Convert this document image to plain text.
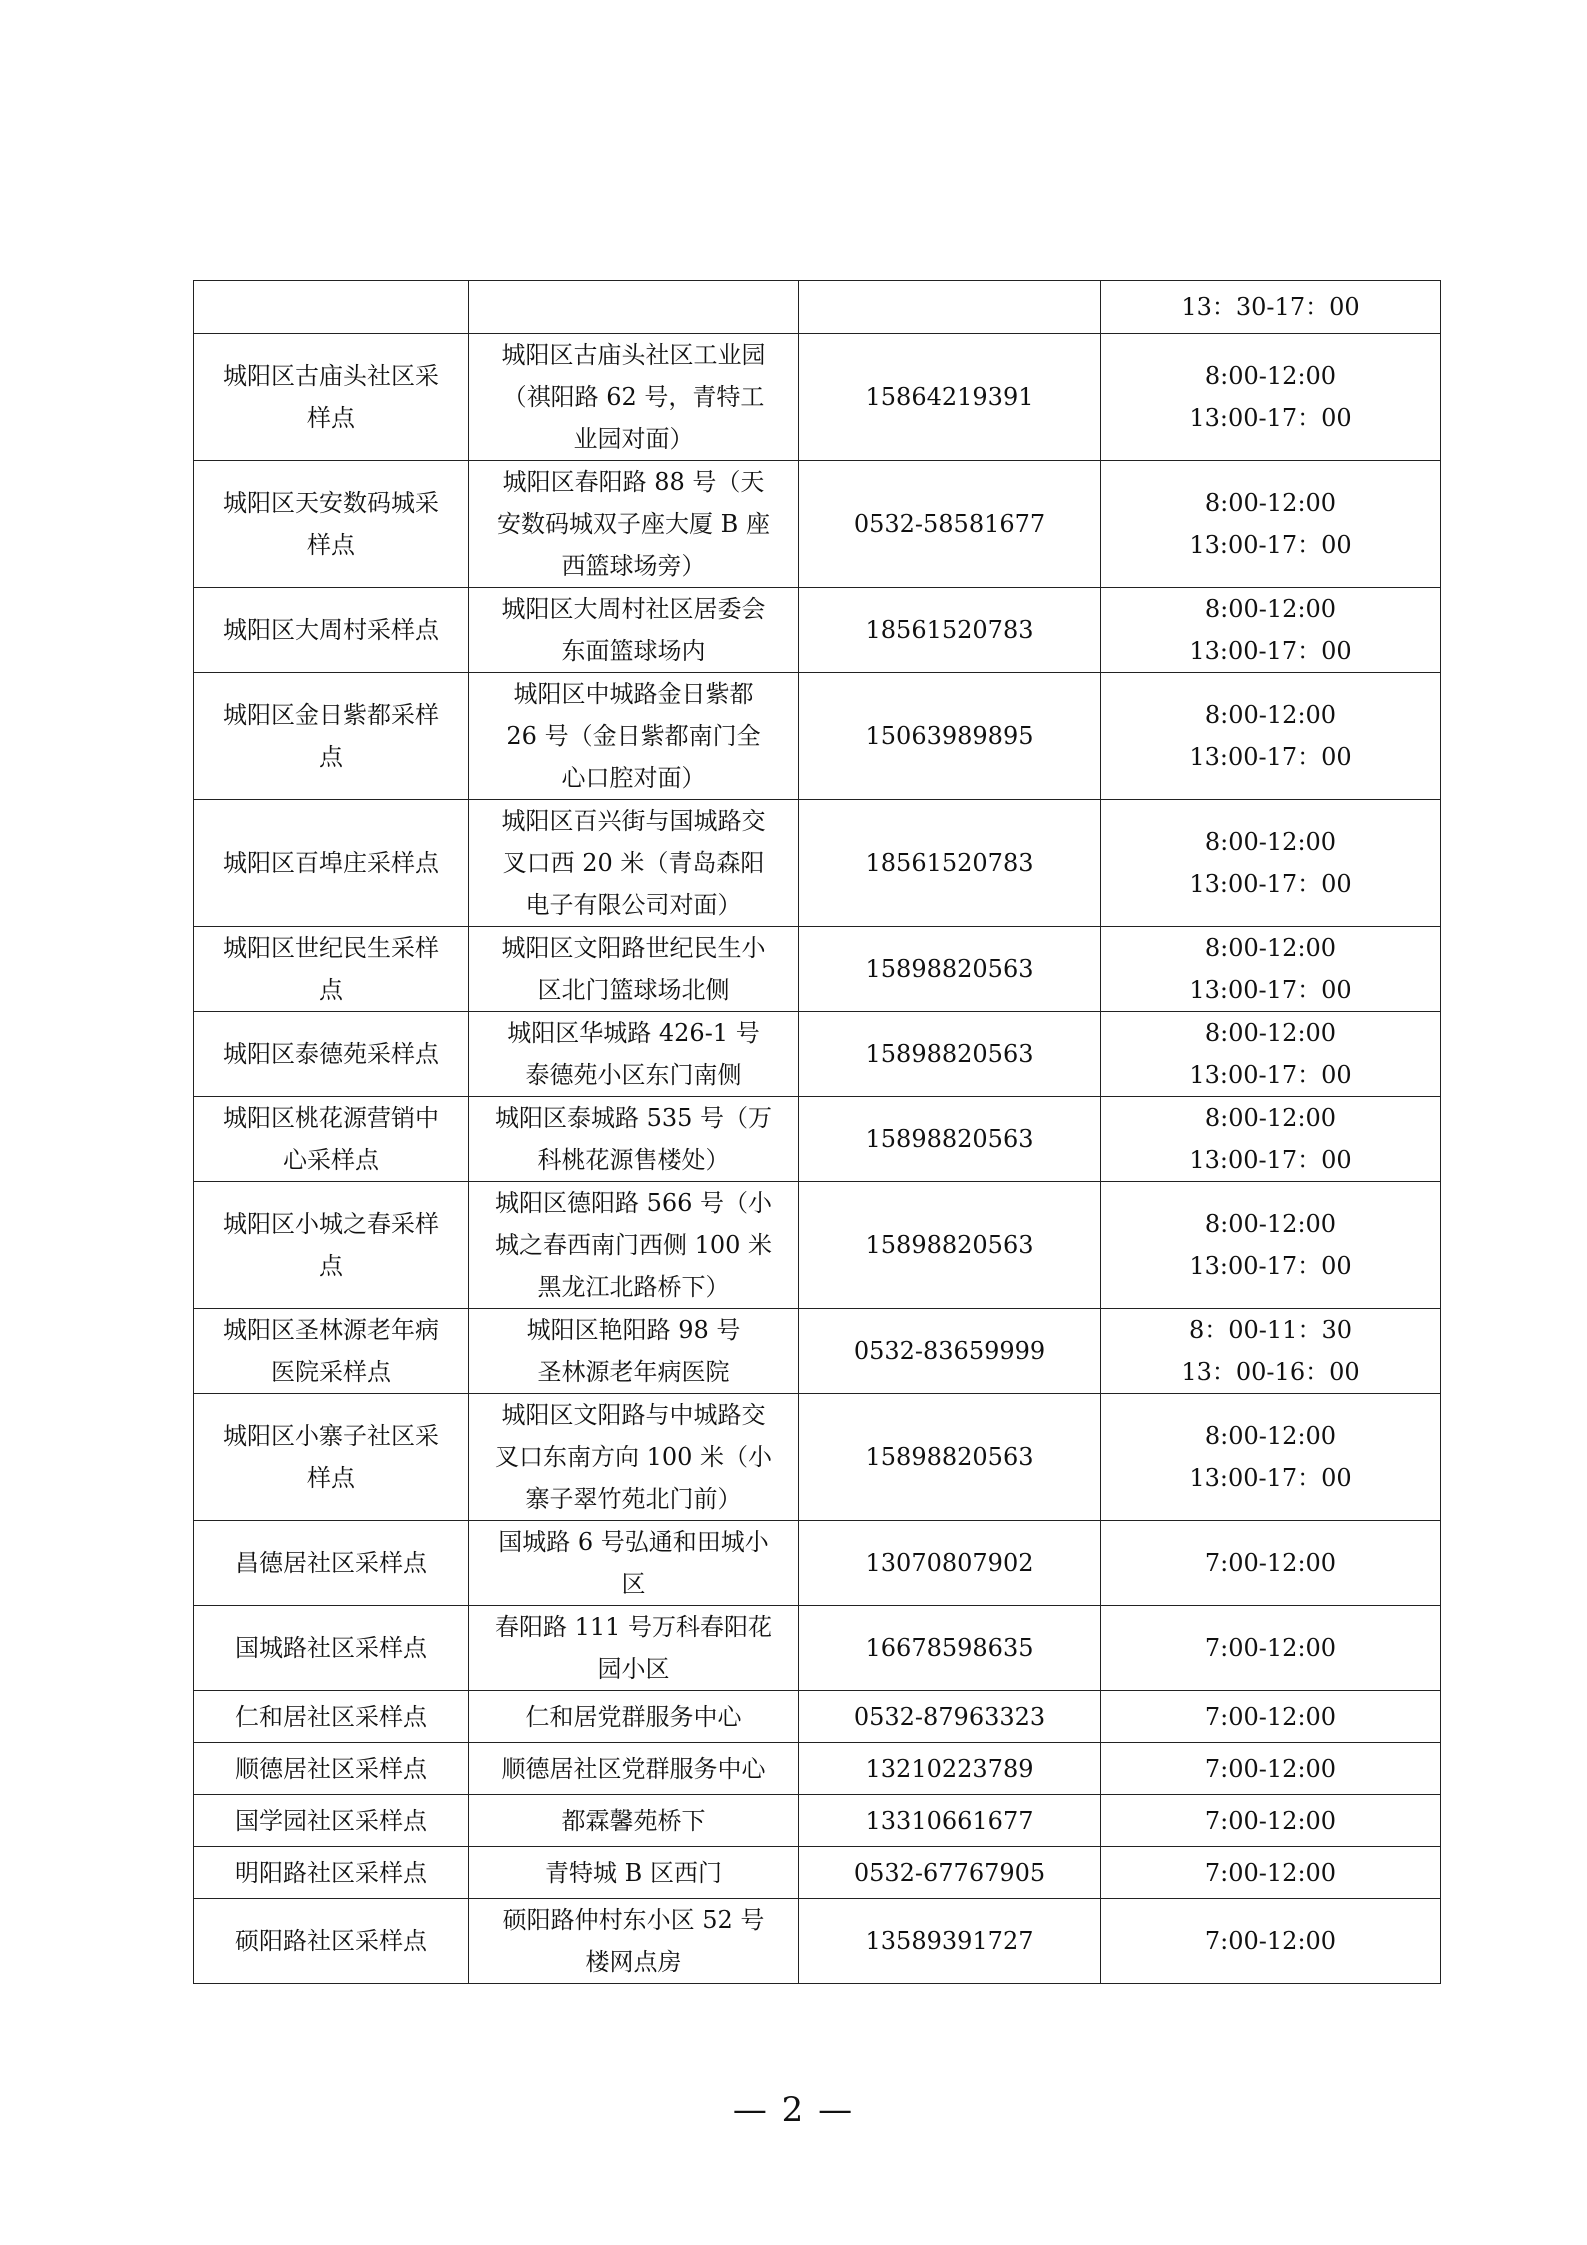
			13：30-17：00
城阳区古庙头社区采
样点	城阳区古庙头社区工业园
（祺阳路 62 号，青特工
业园对面）	15864219391	8:00-12:00
13:00-17：00
城阳区天安数码城采
样点	城阳区春阳路 88 号（天
安数码城双子座大厦 B 座
西篮球场旁）	0532-58581677	8:00-12:00
13:00-17：00
城阳区大周村采样点	城阳区大周村社区居委会
东面篮球场内	18561520783	8:00-12:00
13:00-17：00
城阳区金日紫都采样
点	城阳区中城路金日紫都
26 号（金日紫都南门全
心口腔对面）	15063989895	8:00-12:00
13:00-17：00
城阳区百埠庄采样点	城阳区百兴街与国城路交
叉口西 20 米（青岛森阳
电子有限公司对面）	18561520783	8:00-12:00
13:00-17：00
城阳区世纪民生采样
点	城阳区文阳路世纪民生小
区北门篮球场北侧	15898820563	8:00-12:00
13:00-17：00
城阳区泰德苑采样点	城阳区华城路 426-1 号
泰德苑小区东门南侧	15898820563	8:00-12:00
13:00-17：00
城阳区桃花源营销中
心采样点	城阳区泰城路 535 号（万
科桃花源售楼处）	15898820563	8:00-12:00
13:00-17：00
城阳区小城之春采样
点	城阳区德阳路 566 号（小
城之春西南门西侧 100 米
黑龙江北路桥下）	15898820563	8:00-12:00
13:00-17：00
城阳区圣林源老年病
医院采样点	城阳区艳阳路 98 号
圣林源老年病医院	0532-83659999	8：00-11：30
13：00-16：00
城阳区小寨子社区采
样点	城阳区文阳路与中城路交
叉口东南方向 100 米（小
寨子翠竹苑北门前）	15898820563	8:00-12:00
13:00-17：00
昌德居社区采样点	国城路 6 号弘通和田城小
区	13070807902	7:00-12:00
国城路社区采样点	春阳路 111 号万科春阳花
园小区	16678598635	7:00-12:00
仁和居社区采样点	仁和居党群服务中心	0532-87963323	7:00-12:00
顺德居社区采样点	顺德居社区党群服务中心	13210223789	7:00-12:00
国学园社区采样点	都霖馨苑桥下	13310661677	7:00-12:00
明阳路社区采样点	青特城 B 区西门	0532-67767905	7:00-12:00
硕阳路社区采样点	硕阳路仲村东小区 52 号
楼网点房	13589391727	7:00-12:00
— 2 —
